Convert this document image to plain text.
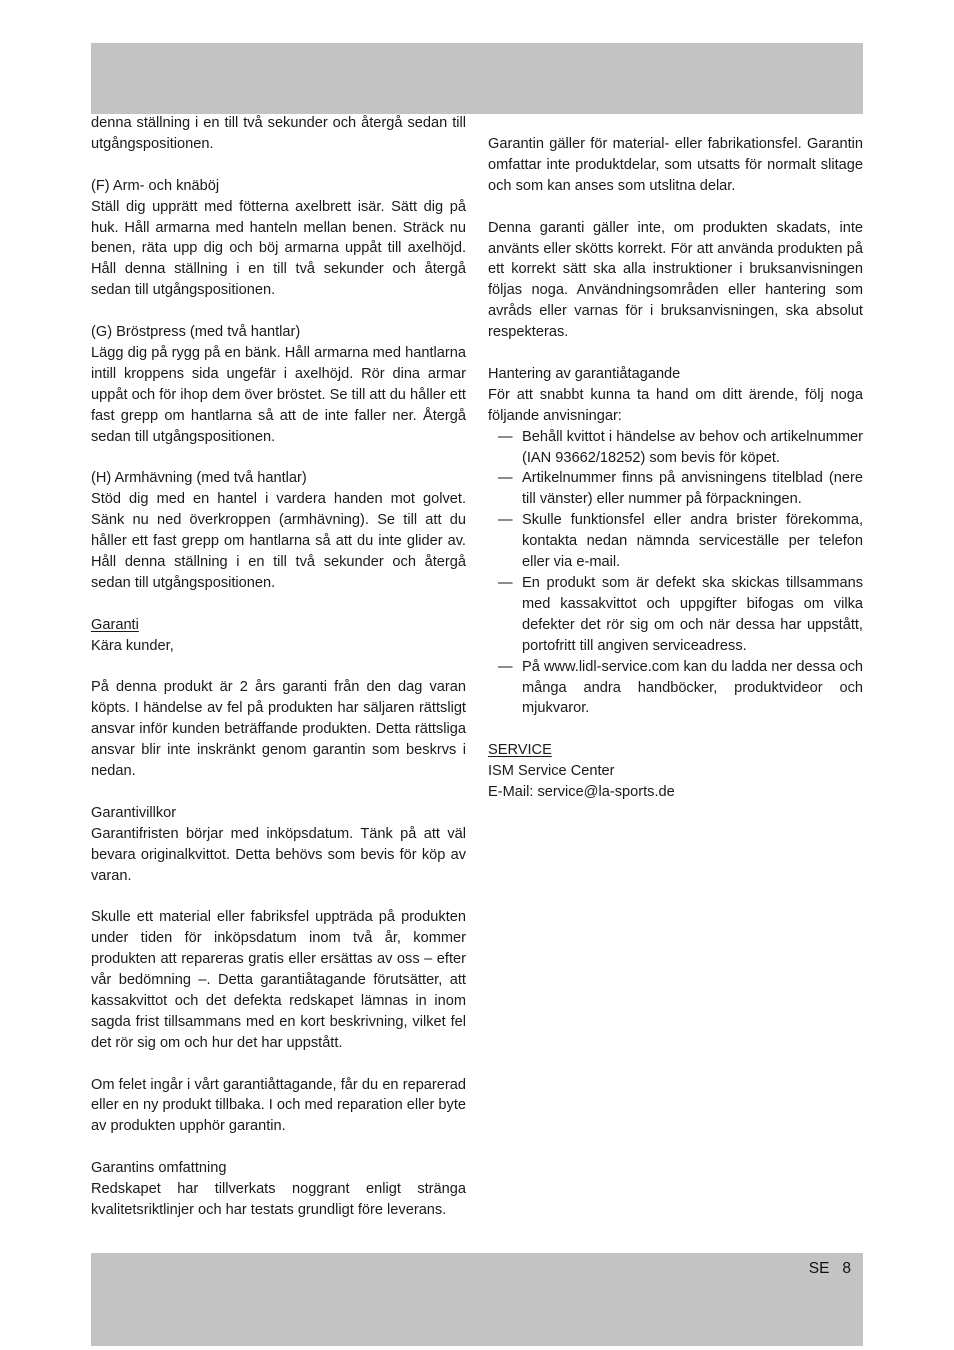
denna ställning i en till två sekunder och återgå sedan till utgångspositionen.

(F) Arm- och knäböj

Ställ dig upprätt med fötterna axelbrett isär. Sätt dig på huk. Håll armarna med hanteln mellan benen. Sträck nu benen, räta upp dig och böj armarna uppåt till axelhöjd. Håll denna ställning i en till två sekunder och återgå sedan till utgångspositionen.

(G) Bröstpress (med två hantlar)

Lägg dig på rygg på en bänk. Håll armarna med hantlarna intill kroppens sida ungefär i axelhöjd. Rör dina armar uppåt och för ihop dem över bröstet. Se till att du håller ett fast grepp om hantlarna så att de inte faller ner. Återgå sedan till utgångspositionen.

(H) Armhävning (med två hantlar)

Stöd dig med en hantel i vardera handen mot golvet. Sänk nu ned överkroppen (armhävning). Se till att du håller ett fast grepp om hantlarna så att du inte glider av. Håll denna ställning i en till två sekunder och återgå sedan till utgångspositionen.

Garanti

Kära kunder,

På denna produkt är 2 års garanti från den dag varan köpts. I händelse av fel på produkten har säljaren rättsligt ansvar inför kunden beträffande produkten. Detta rättsliga ansvar blir inte inskränkt genom garantin som beskrvs i nedan.

Garantivillkor

Garantifristen börjar med inköpsdatum. Tänk på att väl bevara originalkvittot. Detta behövs som bevis för köp av varan.

Skulle ett material eller fabriksfel uppträda på produkten under tiden för inköpsdatum inom två år, kommer produkten att repareras gratis eller ersättas av oss – efter vår bedömning –. Detta garantiåtagande förutsätter, att kassakvittot och det defekta redskapet lämnas in inom sagda frist tillsammans med en kort beskrivning, vilket fel det rör sig om och hur det har uppstått.

Om felet ingår i vårt garantiåttagande, får du en reparerad eller en ny produkt tillbaka. I och med reparation eller byte av produkten upphör garantin.

Garantins omfattning

Redskapet har tillverkats noggrant enligt stränga kvalitetsriktlinjer och har testats grundligt före leverans.

Garantin gäller för material- eller fabrikationsfel. Garantin omfattar inte produktdelar, som utsatts för normalt slitage och som kan anses som utslitna delar.

Denna garanti gäller inte, om produkten skadats, inte använts eller skötts korrekt. För att använda produkten på ett korrekt sätt ska alla instruktioner i bruksanvisningen följas noga. Användningsområden eller hantering som avråds eller varnas för i bruksanvisningen, ska absolut respekteras.

Hantering av garantiåtagande
För att snabbt kunna ta hand om ditt ärende, följ noga följande anvisningar:
— Behåll kvittot i händelse av behov och artikelnummer (IAN 93662/18252) som bevis för köpet.
— Artikelnummer finns på anvisningens titelblad (nere till vänster) eller nummer på förpackningen.
— Skulle funktionsfel eller andra brister förekomma, kontakta nedan nämnda serviceställe per telefon eller via e-mail.
— En produkt som är defekt ska skickas tillsammans med kassakvittot och uppgifter bifogas om vilka defekter det rör sig om och när dessa har uppstått, portofritt till angiven serviceadress.
— På www.lidl-service.com kan du ladda ner dessa och många andra handböcker, produktvideor och mjukvaror.
SERVICE
ISM Service Center
E-Mail: service@la-sports.de
SE 8
